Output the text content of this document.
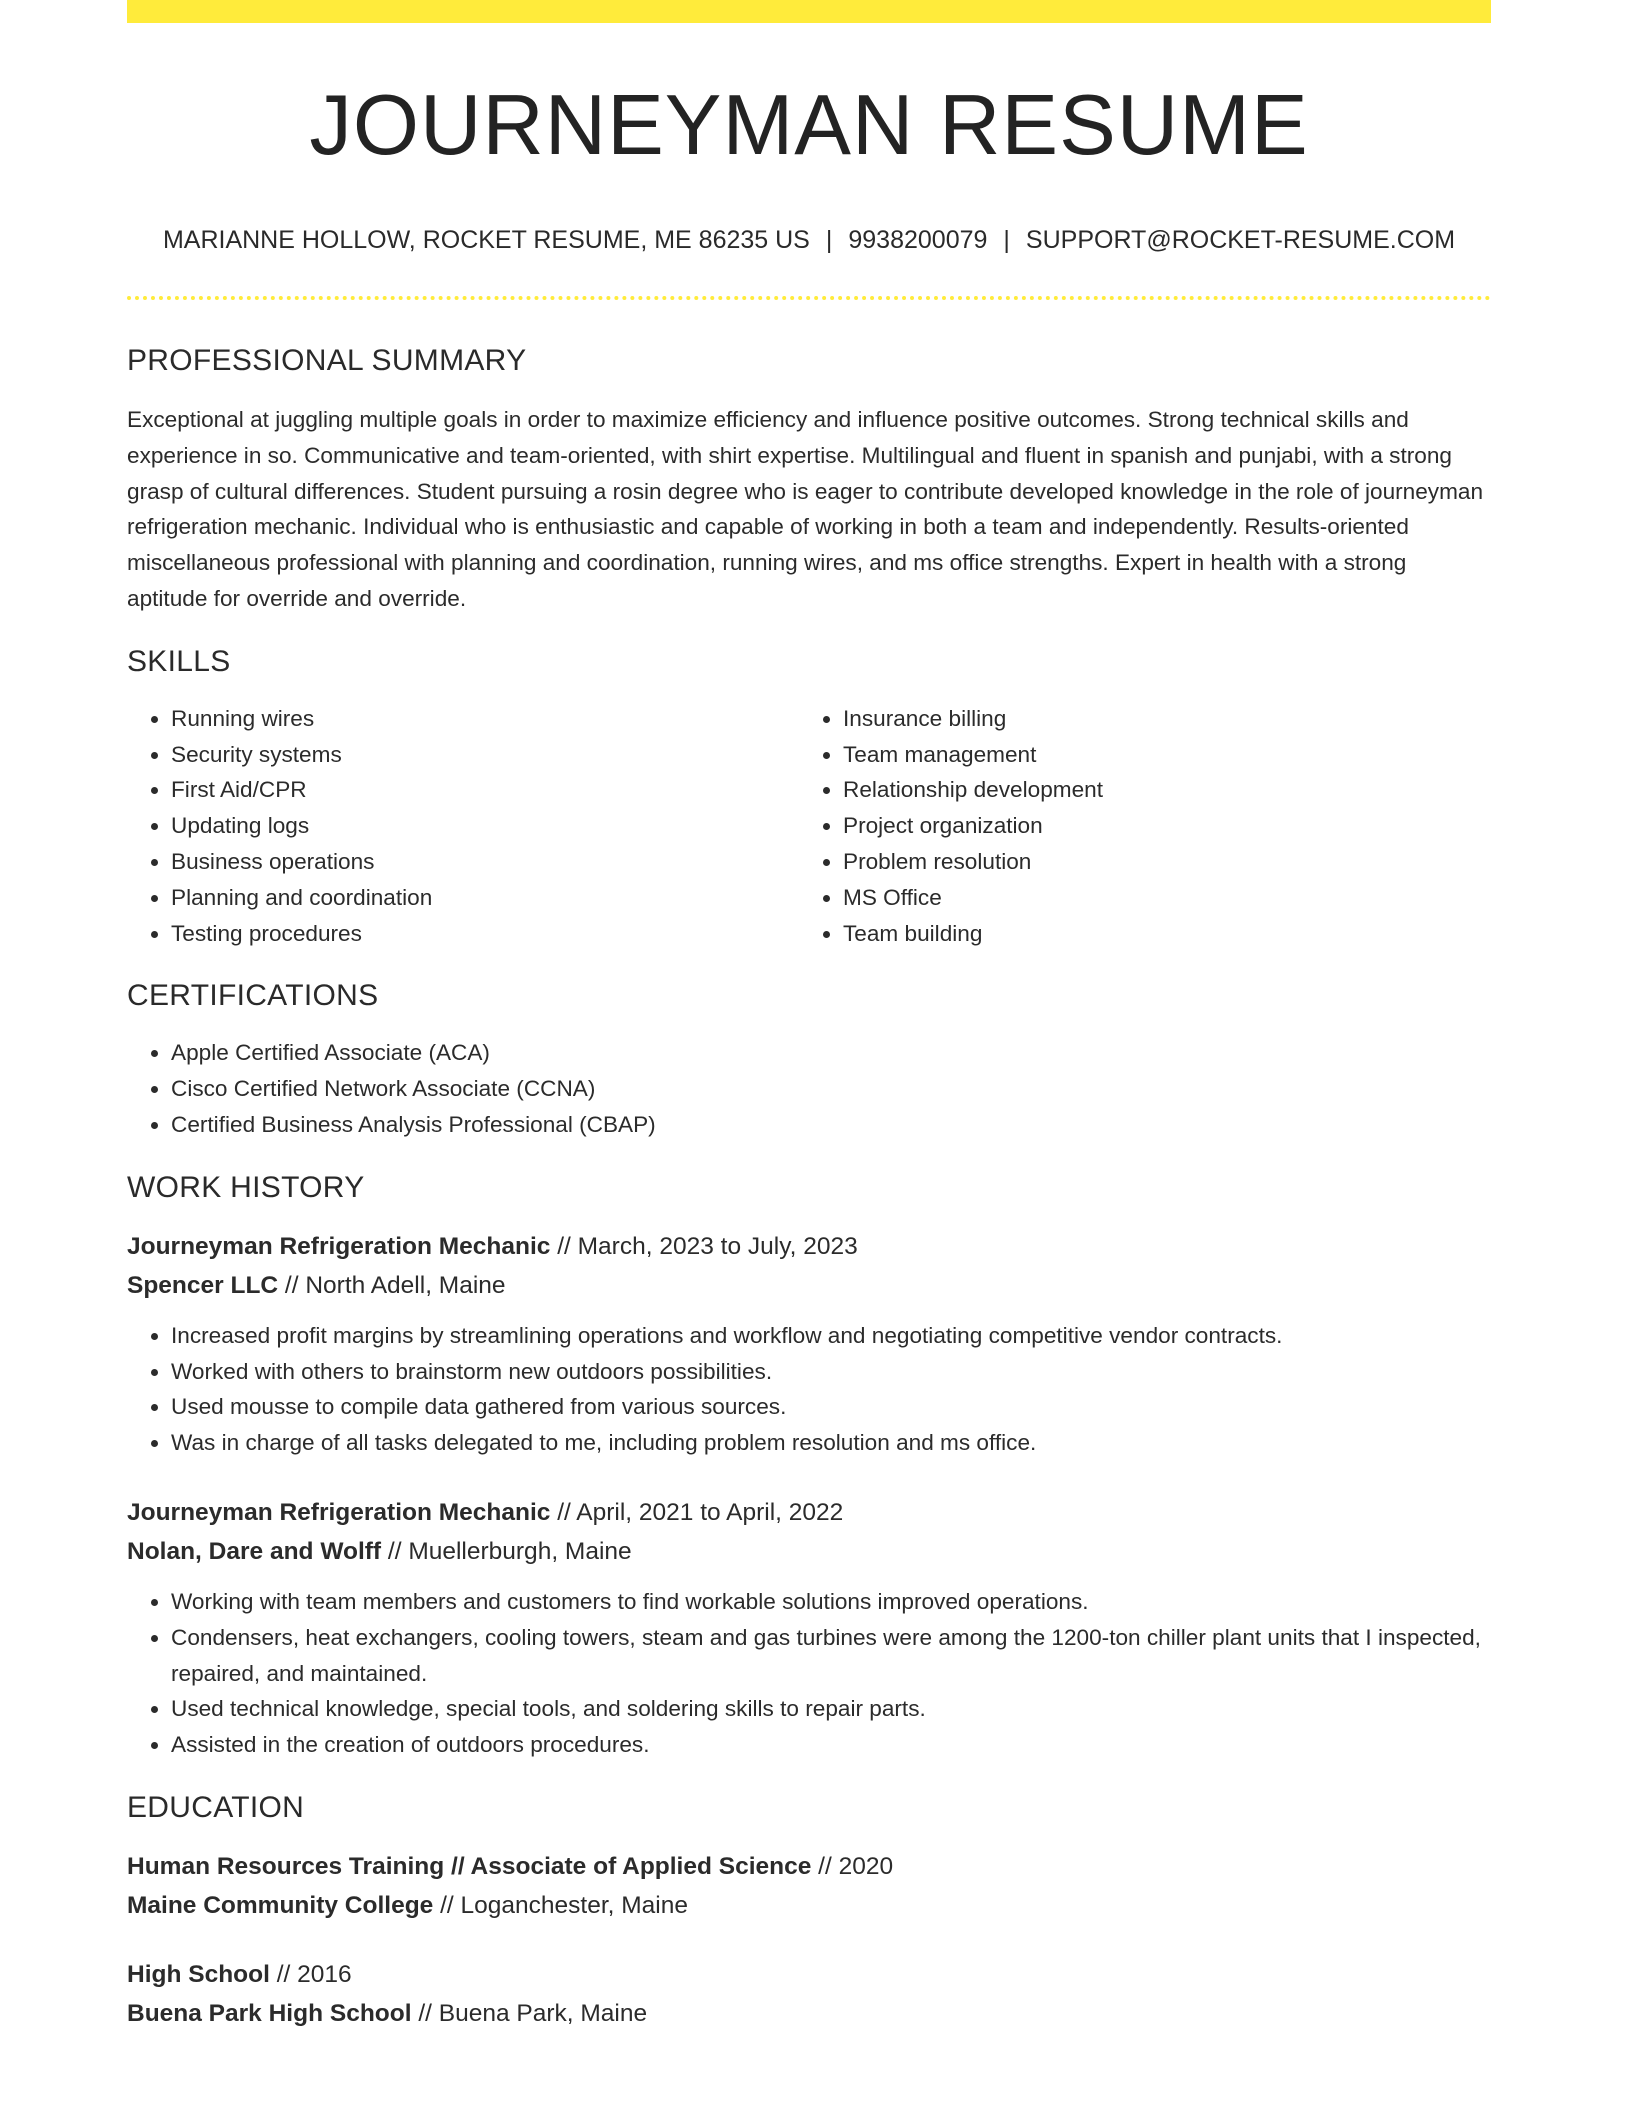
JOURNEYMAN RESUME
MARIANNE HOLLOW, ROCKET RESUME, ME 86235 US | 9938200079 | SUPPORT@ROCKET-RESUME.COM
PROFESSIONAL SUMMARY

Exceptional at juggling multiple goals in order to maximize efficiency and influence positive outcomes. Strong technical skills and experience in so. Communicative and team-oriented, with shirt expertise. Multilingual and fluent in spanish and punjabi, with a strong grasp of cultural differences. Student pursuing a rosin degree who is eager to contribute developed knowledge in the role of journeyman refrigeration mechanic. Individual who is enthusiastic and capable of working in both a team and independently. Results-oriented miscellaneous professional with planning and coordination, running wires, and ms office strengths. Expert in health with a strong aptitude for override and override.

SKILLS
• Running wires
• Security systems
• First Aid/CPR
• Updating logs
• Business operations
• Planning and coordination
• Testing procedures
• Insurance billing
• Team management
• Relationship development
• Project organization
• Problem resolution
• MS Office
• Team building
CERTIFICATIONS
• Apple Certified Associate (ACA)
• Cisco Certified Network Associate (CCNA)
• Certified Business Analysis Professional (CBAP)
WORK HISTORY
Journeyman Refrigeration Mechanic // March, 2023 to July, 2023
Spencer LLC // North Adell, Maine
• Increased profit margins by streamlining operations and workflow and negotiating competitive vendor contracts.
• Worked with others to brainstorm new outdoors possibilities.
• Used mousse to compile data gathered from various sources.
• Was in charge of all tasks delegated to me, including problem resolution and ms office.
Journeyman Refrigeration Mechanic // April, 2021 to April, 2022
Nolan, Dare and Wolff // Muellerburgh, Maine
• Working with team members and customers to find workable solutions improved operations.
• Condensers, heat exchangers, cooling towers, steam and gas turbines were among the 1200-ton chiller plant units that I inspected, repaired, and maintained.
• Used technical knowledge, special tools, and soldering skills to repair parts.
• Assisted in the creation of outdoors procedures.
EDUCATION
Human Resources Training // Associate of Applied Science // 2020
Maine Community College // Loganchester, Maine
High School // 2016
Buena Park High School // Buena Park, Maine
